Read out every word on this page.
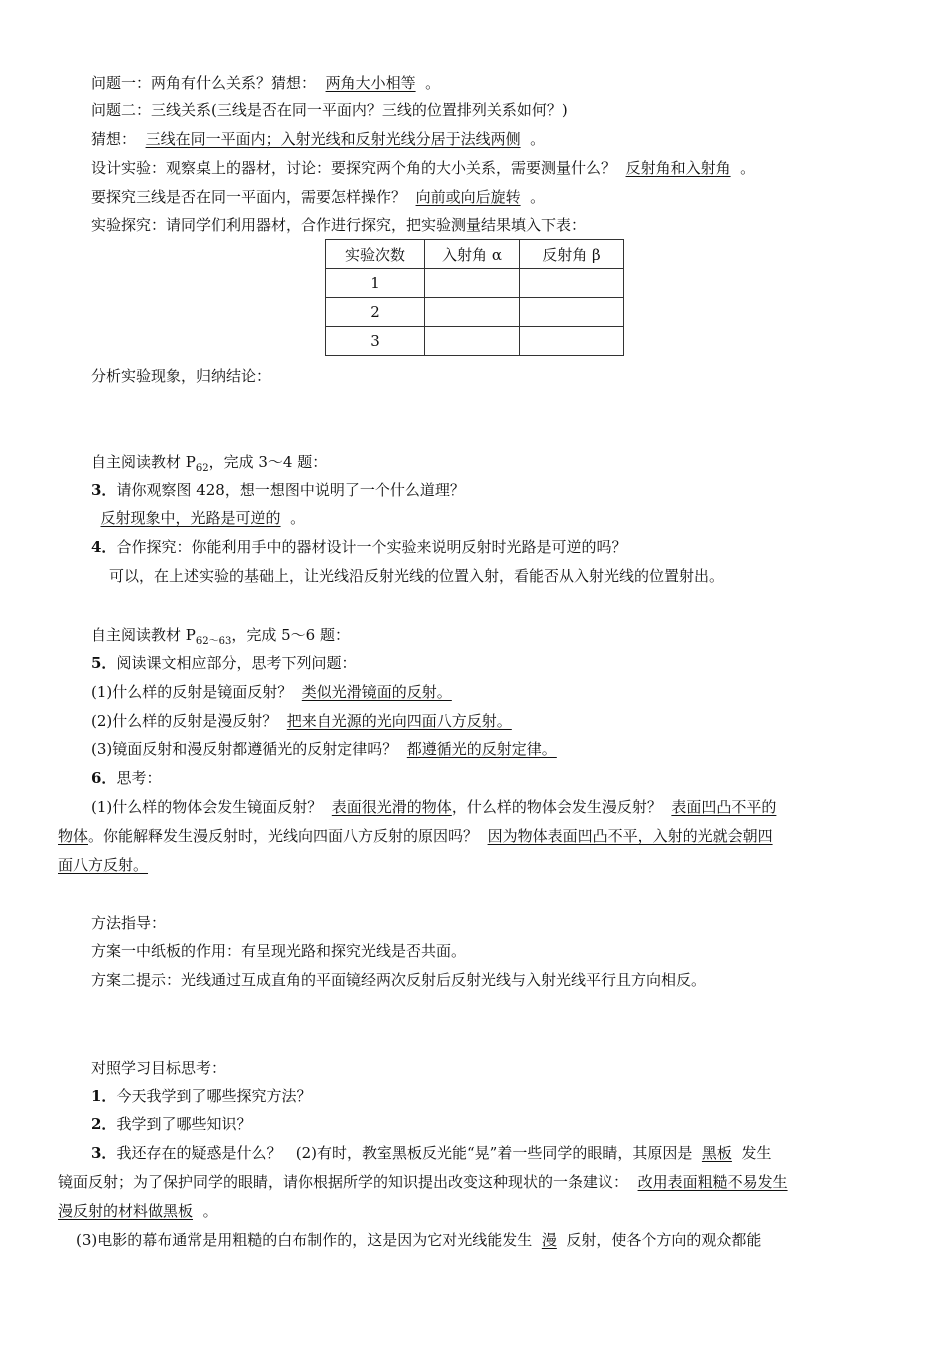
问题一：两角有什么关系？猜想： 两角大小相等 。
问题二：三线关系(三线是否在同一平面内？三线的位置排列关系如何？)
猜想： 三线在同一平面内；入射光线和反射光线分居于法线两侧 。
设计实验：观察桌上的器材，讨论：要探究两个角的大小关系，需要测量什么？ 反射角和入射角 。
要探究三线是否在同一平面内，需要怎样操作？ 向前或向后旋转 。
实验探究：请同学们利用器材，合作进行探究，把实验测量结果填入下表：
实验次数	入射角 α	反射角 β
1		
2		
3		
分析实验现象，归纳结论：
自主阅读教材 $P_{62}$，完成 3～4 题：
3．请你观察图 428，想一想图中说明了一个什么道理？
反射现象中，光路是可逆的 。
4．合作探究：你能利用手中的器材设计一个实验来说明反射时光路是可逆的吗？
可以，在上述实验的基础上，让光线沿反射光线的位置入射，看能否从入射光线的位置射出。
自主阅读教材 $P_{62\sim 63}$，完成 5～6 题：
5．阅读课文相应部分，思考下列问题：
(1)什么样的反射是镜面反射？ 类似光滑镜面的反射。
(2)什么样的反射是漫反射？ 把来自光源的光向四面八方反射。
(3)镜面反射和漫反射都遵循光的反射定律吗？ 都遵循光的反射定律。
6．思考：
(1)什么样的物体会发生镜面反射？ 表面很光滑的物体，什么样的物体会发生漫反射？ 表面凹凸不平的
物体。你能解释发生漫反射时，光线向四面八方反射的原因吗？ 因为物体表面凹凸不平，入射的光就会朝四
面八方反射。
方法指导：
方案一中纸板的作用：有呈现光路和探究光线是否共面。
方案二提示：光线通过互成直角的平面镜经两次反射后反射光线与入射光线平行且方向相反。
对照学习目标思考：
1．今天我学到了哪些探究方法？
2．我学到了哪些知识？
3．我还存在的疑惑是什么？ (2)有时，教室黑板反光能“晃”着一些同学的眼睛，其原因是 黑板 发生
镜面反射；为了保护同学的眼睛，请你根据所学的知识提出改变这种现状的一条建议： 改用表面粗糙不易发生
漫反射的材料做黑板 。
(3)电影的幕布通常是用粗糙的白布制作的，这是因为它对光线能发生 漫 反射，使各个方向的观众都能
